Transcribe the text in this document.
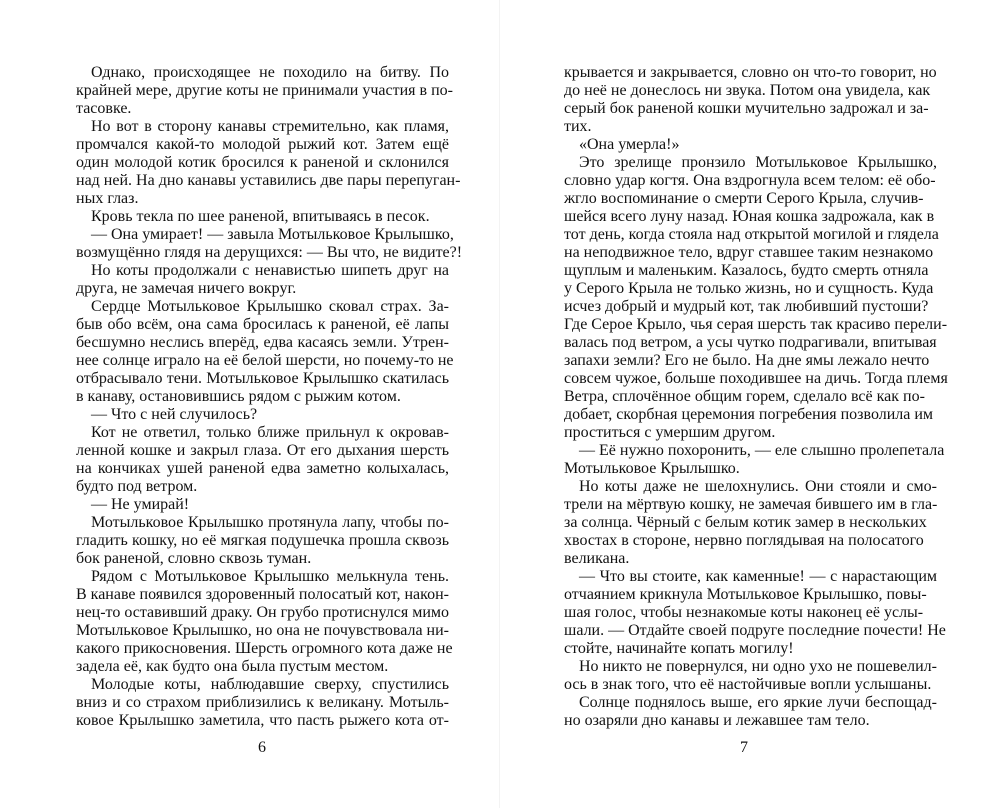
Однако, происходящее не походило на битву. По
крайней мере, другие коты не принимали участия в по-
тасовке.
Но вот в сторону канавы стремительно, как пламя,
промчался какой-то молодой рыжий кот. Затем ещё
один молодой котик бросился к раненой и склонился
над ней. На дно канавы уставились две пары перепуган-
ных глаз.
Кровь текла по шее раненой, впитываясь в песок.
— Она умирает! — завыла Мотыльковое Крылышко,
возмущённо глядя на дерущихся: — Вы что, не видите?!
Но коты продолжали с ненавистью шипеть друг на
друга, не замечая ничего вокруг.
Сердце Мотыльковое Крылышко сковал страх. За-
быв обо всём, она сама бросилась к раненой, её лапы
бесшумно неслись вперёд, едва касаясь земли. Утрен-
нее солнце играло на её белой шерсти, но почему-то не
отбрасывало тени. Мотыльковое Крылышко скатилась
в канаву, остановившись рядом с рыжим котом.
— Что с ней случилось?
Кот не ответил, только ближе прильнул к окровав-
ленной кошке и закрыл глаза. От его дыхания шерсть
на кончиках ушей раненой едва заметно колыхалась,
будто под ветром.
— Не умирай!
Мотыльковое Крылышко протянула лапу, чтобы по-
гладить кошку, но её мягкая подушечка прошла сквозь
бок раненой, словно сквозь туман.
Рядом с Мотыльковое Крылышко мелькнула тень.
В канаве появился здоровенный полосатый кот, након-
нец-то оставивший драку. Он грубо протиснулся мимо
Мотыльковое Крылышко, но она не почувствовала ни-
какого прикосновения. Шерсть огромного кота даже не
задела её, как будто она была пустым местом.
Молодые коты, наблюдавшие сверху, спустились
вниз и со страхом приблизились к великану. Мотыль-
ковое Крылышко заметила, что пасть рыжего кота от-
6
крывается и закрывается, словно он что-то говорит, но
до неё не донеслось ни звука. Потом она увидела, как
серый бок раненой кошки мучительно задрожал и за-
тих.
«Она умерла!»
Это зрелище пронзило Мотыльковое Крылышко,
словно удар когтя. Она вздрогнула всем телом: её обо-
жгло воспоминание о смерти Серого Крыла, случив-
шейся всего луну назад. Юная кошка задрожала, как в
тот день, когда стояла над открытой могилой и глядела
на неподвижное тело, вдруг ставшее таким незнакомо
щуплым и маленьким. Казалось, будто смерть отняла
у Серого Крыла не только жизнь, но и сущность. Куда
исчез добрый и мудрый кот, так любивший пустоши?
Где Серое Крыло, чья серая шерсть так красиво перели-
валась под ветром, а усы чутко подрагивали, впитывая
запахи земли? Его не было. На дне ямы лежало нечто
совсем чужое, больше походившее на дичь. Тогда племя
Ветра, сплочённое общим горем, сделало всё как по-
добает, скорбная церемония погребения позволила им
проститься с умершим другом.
— Её нужно похоронить, — еле слышно пролепетала
Мотыльковое Крылышко.
Но коты даже не шелохнулись. Они стояли и смо-
трели на мёртвую кошку, не замечая бившего им в гла-
за солнца. Чёрный с белым котик замер в нескольких
хвостах в стороне, нервно поглядывая на полосатого
великана.
— Что вы стоите, как каменные! — с нарастающим
отчаянием крикнула Мотыльковое Крылышко, повы-
шая голос, чтобы незнакомые коты наконец её услы-
шали. — Отдайте своей подруге последние почести! Не
стойте, начинайте копать могилу!
Но никто не повернулся, ни одно ухо не пошевелил-
ось в знак того, что её настойчивые вопли услышаны.
Солнце поднялось выше, его яркие лучи беспощад-
но озаряли дно канавы и лежавшее там тело.
7
